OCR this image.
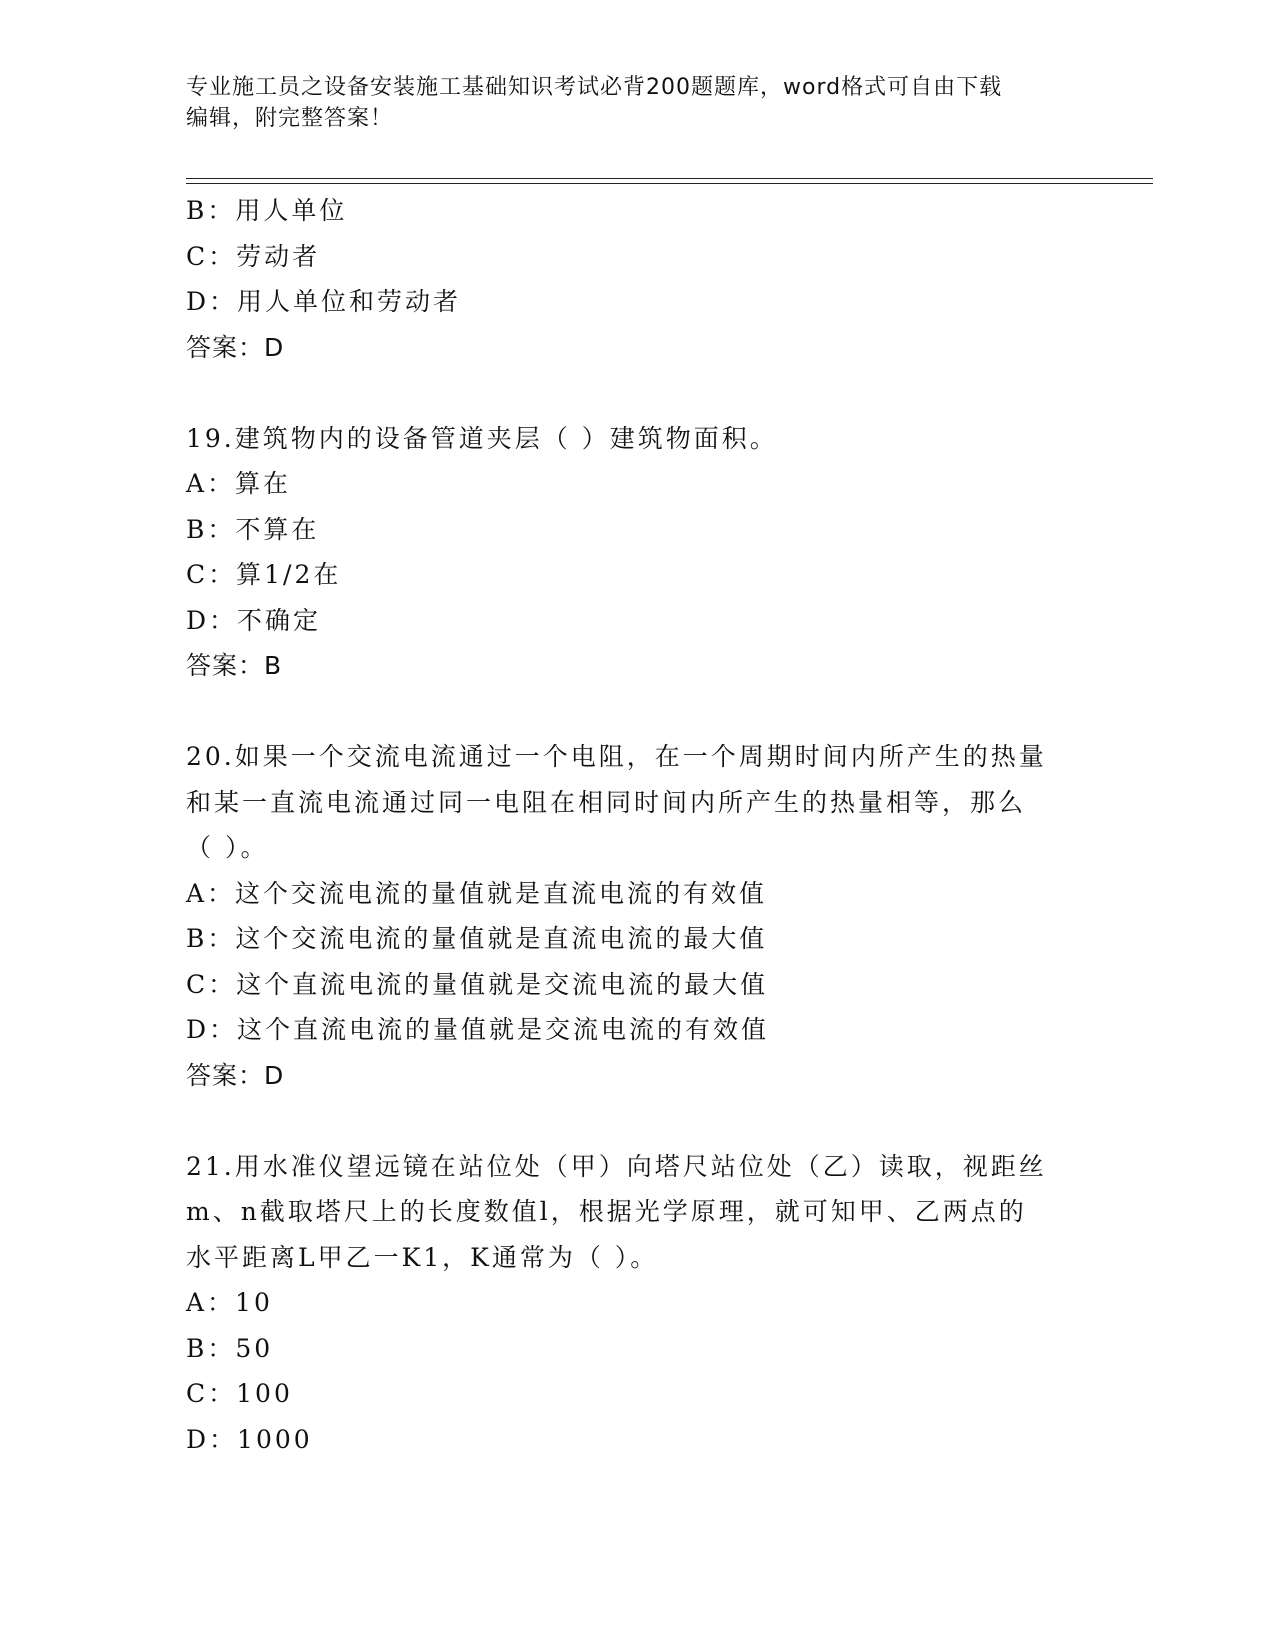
专业施工员之设备安装施工基础知识考试必背200题题库，word格式可自由下载
编辑，附完整答案！

B：用人单位

C：劳动者

D：用人单位和劳动者

答案：D

19.建筑物内的设备管道夹层（ ）建筑物面积。

A：算在

B：不算在

C：算1/2在

D：不确定

答案：B

20.如果一个交流电流通过一个电阻，在一个周期时间内所产生的热量

和某一直流电流通过同一电阻在相同时间内所产生的热量相等，那么

（ ）。

A：这个交流电流的量值就是直流电流的有效值

B：这个交流电流的量值就是直流电流的最大值

C：这个直流电流的量值就是交流电流的最大值

D：这个直流电流的量值就是交流电流的有效值

答案：D

21.用水准仪望远镜在站位处（甲）向塔尺站位处（乙）读取，视距丝

m、n截取塔尺上的长度数值l，根据光学原理，就可知甲、乙两点的

水平距离L甲乙一K1，K通常为（ ）。

A：10

B：50

C：100

D：1000
